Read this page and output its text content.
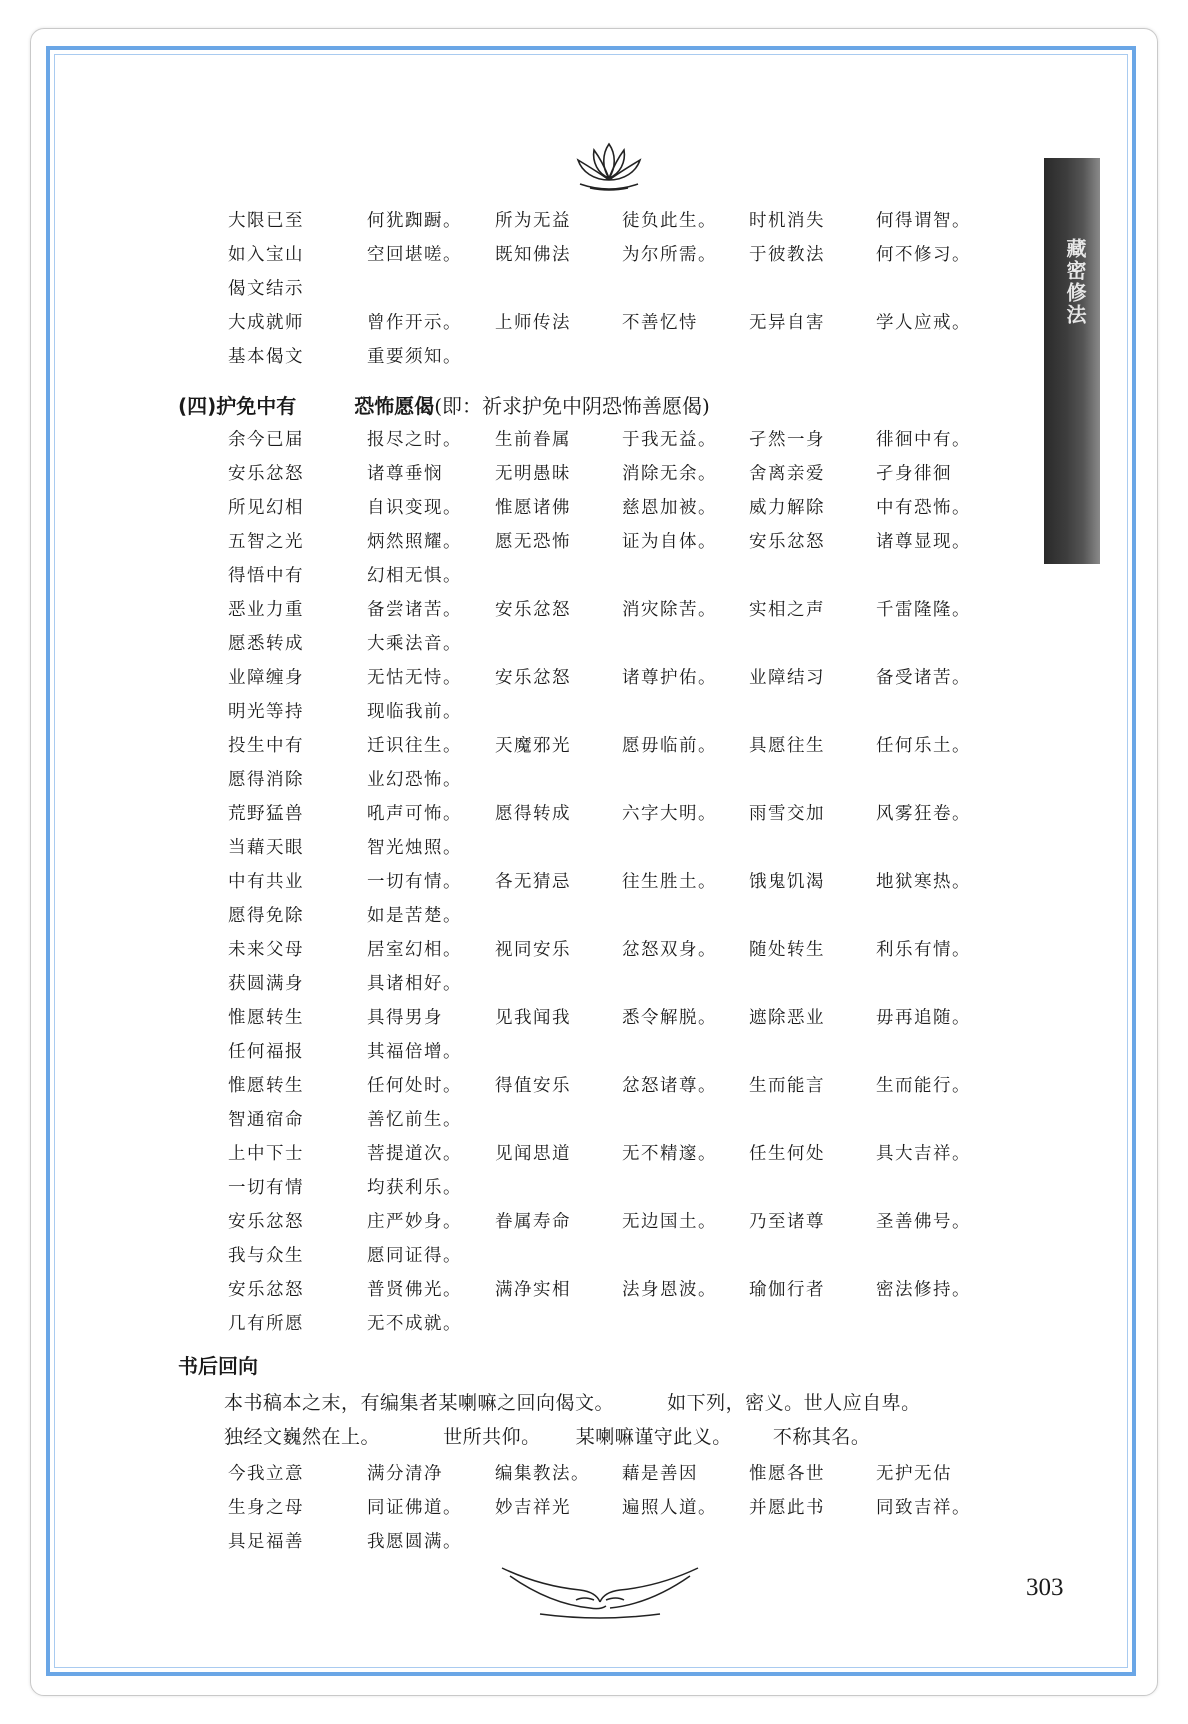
藏密修法
大限已至	何犹踟蹰。 所为无益	徒负此生。 时机消失	何得谓智。
如入宝山	空回堪嗟。 既知佛法	为尔所需。 于彼教法	何不修习。
偈文结示
大成就师	曾作开示。 上师传法	不善忆恃	无异自害	学人应戒。
基本偈文	重要须知。
(四)护免中有	恐怖愿偈(即：祈求护免中阴恐怖善愿偈)
余今已届	报尽之时。 生前眷属	于我无益。 孑然一身	徘徊中有。
安乐忿怒	诸尊垂悯	无明愚昧	消除无余。 舍离亲爱	孑身徘徊
所见幻相	自识变现。 惟愿诸佛	慈恩加被。 威力解除	中有恐怖。
五智之光	炳然照耀。 愿无恐怖	证为自体。 安乐忿怒	诸尊显现。
得悟中有	幻相无惧。
恶业力重	备尝诸苦。 安乐忿怒	消灾除苦。 实相之声	千雷隆隆。
愿悉转成	大乘法音。
业障缠身	无怙无恃。 安乐忿怒	诸尊护佑。 业障结习	备受诸苦。
明光等持	现临我前。
投生中有	迁识往生。 天魔邪光	愿毋临前。 具愿往生	任何乐土。
愿得消除	业幻恐怖。
荒野猛兽	吼声可怖。 愿得转成	六字大明。 雨雪交加	风雾狂卷。
当藉天眼	智光烛照。
中有共业	一切有情。 各无猜忌	往生胜土。 饿鬼饥渴	地狱寒热。
愿得免除	如是苦楚。
未来父母	居室幻相。 视同安乐	忿怒双身。 随处转生	利乐有情。
获圆满身	具诸相好。
惟愿转生	具得男身	见我闻我	悉令解脱。 遮除恶业	毋再追随。
任何福报	其福倍增。
惟愿转生	任何处时。 得值安乐	忿怒诸尊。 生而能言	生而能行。
智通宿命	善忆前生。
上中下士	菩提道次。 见闻思道	无不精邃。 任生何处	具大吉祥。
一切有情	均获利乐。
安乐忿怒	庄严妙身。 眷属寿命	无边国土。 乃至诸尊	圣善佛号。
我与众生	愿同证得。
安乐忿怒	普贤佛光。 满净实相	法身恩波。 瑜伽行者	密法修持。
几有所愿	无不成就。
书后回向
本书稿本之末，有编集者某喇嘛之回向偈文。	如下列，密义。世人应自卑。
独经文巍然在上。	世所共仰。 某喇嘛谨守此义。 不称其名。
今我立意	满分清净	编集教法。 藉是善因	惟愿各世	无护无估
生身之母	同证佛道。 妙吉祥光	遍照人道。 并愿此书	同致吉祥。
具足福善	我愿圆满。
303
